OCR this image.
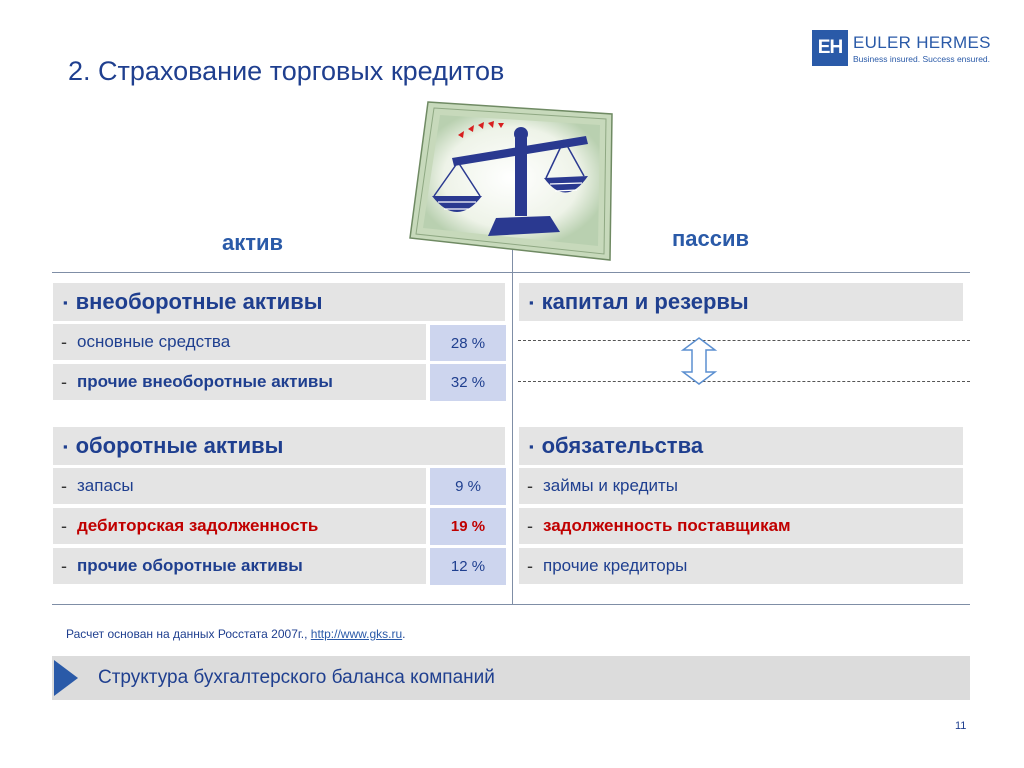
2. Страхование торговых кредитов
EH EULER HERMES
Business insured. Success ensured.
актив	пассив
▪ внеоборотные активы
- основные средства	28 %
- прочие внеоборотные активы	32 %
▪ оборотные активы
- запасы	9 %
- дебиторская задолженность	19 %
- прочие оборотные активы	12 %
▪ капитал и резервы
▪ обязательства
- займы и кредиты
- задолженность поставщикам
- прочие кредиторы
Расчет основан на данных Росстата 2007г., http://www.gks.ru.
Структура бухгалтерского баланса компаний
11
